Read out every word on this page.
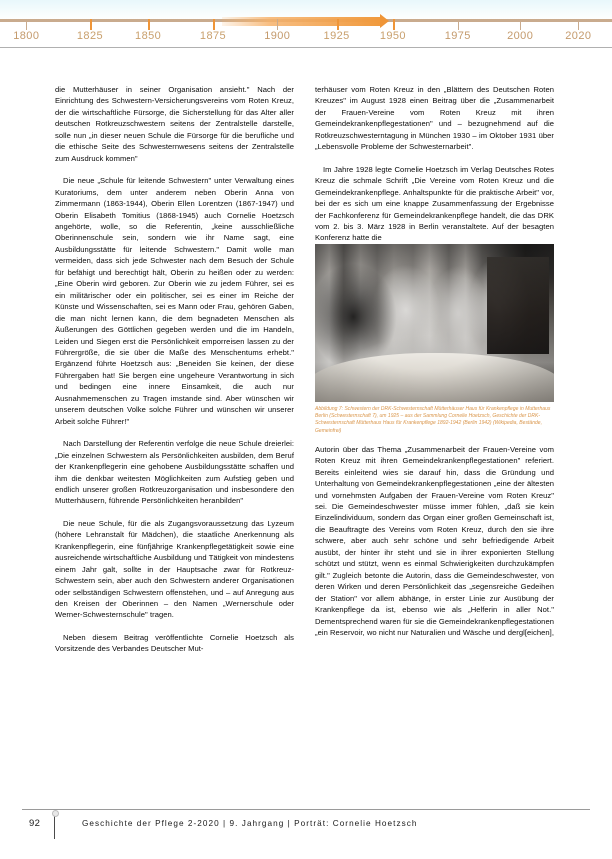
1800	1825	1850	1875	1900	1925	1950	1975	2000	2020

die Mutterhäuser in seiner Organisation ansieht." Nach der Einrichtung des Schwestern-Versicherungsvereins vom Roten Kreuz, der die wirtschaftliche Fürsorge, die Sicherstellung für das Alter aller deutschen Rotkreuzschwestern seitens der Zentralstelle darstelle, solle nun „in dieser neuen Schule die Fürsorge für die berufliche und die ethische Seite des Schwesternwesens seitens der Zentralstelle zum Ausdruck kommen"

Die neue „Schule für leitende Schwestern" unter Verwaltung eines Kuratoriums, dem unter anderem neben Oberin Anna von Zimmermann (1863-1944), Oberin Ellen Lorentzen (1867-1947) und Oberin Elisabeth Tomitius (1868-1945) auch Cornelie Hoetzsch angehörte, wolle, so die Referentin, „keine ausschließliche Oberinnenschule sein, sondern wie ihr Name sagt, eine Ausbildungsstätte für leitende Schwestern." Damit wolle man vermeiden, dass sich jede Schwester nach dem Besuch der Schule für befähigt und berechtigt hält, Oberin zu heißen oder zu werden: „Eine Oberin wird geboren. Zur Oberin wie zu jedem Führer, sei es ein militärischer oder ein politischer, sei es einer im Reiche der Künste und Wissenschaften, sei es Mann oder Frau, gehören Gaben, die man nicht lernen kann, die dem begnadeten Menschen als Äußerungen des Göttlichen gegeben werden und die im Handeln, Leiden und Siegen erst die Persönlichkeit emporreisen lassen zu der Führergröße, die sie über die Maße des Menschentums erhebt." Ergänzend führte Hoetzsch aus: „Beneiden Sie keinen, der diese Führergaben hat! Sie bergen eine ungeheure Verantwortung in sich und bedingen eine innere Einsamkeit, die auch nur Ausnahmemenschen zu Tragen imstande sind. Aber wünschen wir unserem deutschen Volke solche Führer und wünschen wir unserer Arbeit solche Führer!"

Nach Darstellung der Referentin verfolge die neue Schule dreierlei: „Die einzelnen Schwestern als Persönlichkeiten ausbilden, dem Beruf der Krankenpflegerin eine gehobene Ausbildungsstätte schaffen und ihm die denkbar weitesten Möglichkeiten zum Aufstieg geben und endlich unserer großen Rotkreuzorganisation und insbesondere den Mutterhäusern, führende Persönlichkeiten heranbilden"

Die neue Schule, für die als Zugangsvoraussetzung das Lyzeum (höhere Lehranstalt für Mädchen), die staatliche Anerkennung als Krankenpflegerin, eine fünfjährige Krankenpflegetätigkeit sowie eine ausreichende wirtschaftliche Ausbildung und Tätigkeit von mindestens einem Jahr galt, sollte in der Hauptsache zwar für Rotkreuz-Schwestern sein, aber auch den Schwestern anderer Organisationen oder selbständigen Schwestern offenstehen, und – auf Anregung aus den Kreisen der Oberinnen – den Namen „Wernerschule oder Werner-Schwesternschule" tragen.

Neben diesem Beitrag veröffentlichte Cornelie Hoetzsch als Vorsitzende des Verbandes Deutscher Mut-

terhäuser vom Roten Kreuz in den „Blättern des Deutschen Roten Kreuzes" im August 1928 einen Beitrag über die „Zusammenarbeit der Frauen-Vereine vom Roten Kreuz mit ihren Gemeindekrankenpflegestationen" und – bezugnehmend auf die Rotkreuzschwesterntagung in München 1930 – im Oktober 1931 über „Lebensvolle Probleme der Schwesternarbeit".

Im Jahre 1928 legte Cornelie Hoetzsch im Verlag Deutsches Rotes Kreuz die schmale Schrift „Die Vereine vom Roten Kreuz und die Gemeindekrankenpflege. Anhaltspunkte für die praktische Arbeit" vor, bei der es sich um eine knappe Zusammenfassung der Ergebnisse der Fachkonferenz für Gemeindekrankenpflege handelt, die das DRK vom 2. bis 3. März 1928 in Berlin veranstaltete. Auf der besagten Konferenz hatte die

Abbildung 7: Schwestern der DRK-Schwesternschaft Mütterhäuser Haus für Krankenpflege in Mutterhaus Berlin (Schwesternschaft 7), um 1925 – aus der Sammlung Cornelie Hoetzsch, Geschichte der DRK-Schwesternschaft Mütterhaus Haus für Krankenpflege 1892-1942 (Berlin 1942) (Wikipedia, Bestände, Gemeinfrei)

Autorin über das Thema „Zusammenarbeit der Frauen-Vereine vom Roten Kreuz mit ihren Gemeindekrankenpflegestationen" referiert. Bereits einleitend wies sie darauf hin, dass die Gründung und Unterhaltung von Gemeindekrankenpflegestationen „eine der ältesten und vornehmsten Aufgaben der Frauen-Vereine vom Roten Kreuz" sei. Die Gemeindeschwester müsse immer fühlen, „daß sie kein Einzelindividuum, sondern das Organ einer großen Gemeinschaft ist, die Beauftragte des Vereins vom Roten Kreuz, durch den sie ihre schwere, aber auch sehr schöne und sehr befriedigende Arbeit ausübt, der hinter ihr steht und sie in ihrer exponierten Stellung schützt und stützt, wenn es einmal Schwierigkeiten durchzukämpfen gilt." Zugleich betonte die Autorin, dass die Gemeindeschwester, von deren Wirken und deren Persönlichkeit das „segensreiche Gedeihen der Station" vor allem abhänge, in erster Linie zur Ausübung der Krankenpflege da ist, ebenso wie als „Helferin in aller Not." Dementsprechend waren für sie die Gemeindekrankenpflegestationen „ein Reservoir, wo nicht nur Naturalien und Wäsche und dergl[eichen],

92	Geschichte der Pflege 2-2020 | 9. Jahrgang | Porträt: Cornelie Hoetzsch
